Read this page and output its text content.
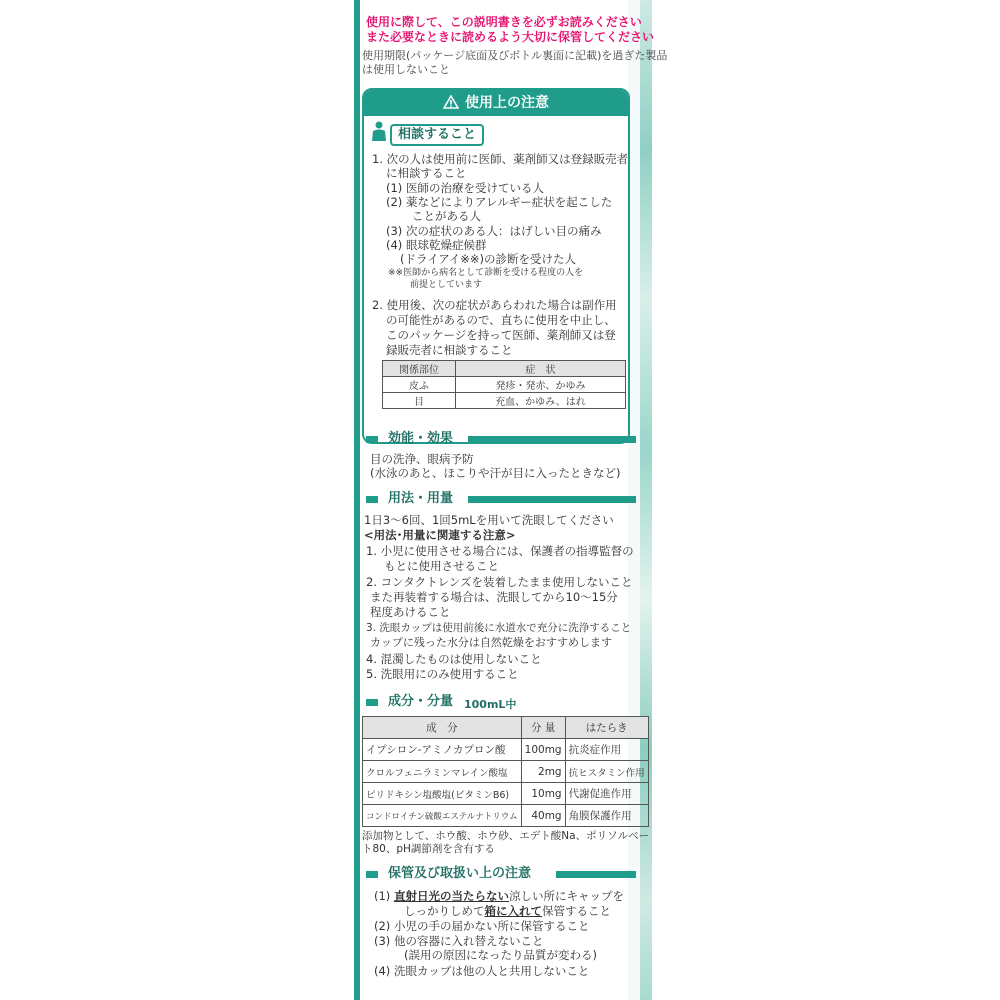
使用に際して、この説明書きを必ずお読みください
また必要なときに読めるよう大切に保管してください
使用期限(パッケージ底面及びボトル裏面に記載)を過ぎた製品
は使用しないこと
使用上の注意
相談すること
1. 次の人は使用前に医師、薬剤師又は登録販売者
に相談すること
(1) 医師の治療を受けている人
(2) 薬などによりアレルギー症状を起こした
ことがある人
(3) 次の症状のある人：はげしい目の痛み
(4) 眼球乾燥症候群
(ドライアイ※※)の診断を受けた人
※※医師から病名として診断を受ける程度の人を
前提としています
2. 使用後、次の症状があらわれた場合は副作用
の可能性があるので、直ちに使用を中止し、
このパッケージを持って医師、薬剤師又は登
録販売者に相談すること
関係部位	症　状
皮ふ	発疹・発赤、かゆみ
目	充血、かゆみ、はれ
効能・効果
目の洗浄、眼病予防
(水泳のあと、ほこりや汗が目に入ったときなど)
用法・用量
1日3～6回、1回5mLを用いて洗眼してください
<用法･用量に関連する注意>
1. 小児に使用させる場合には、保護者の指導監督の
もとに使用させること
2. コンタクトレンズを装着したまま使用しないこと
また再装着する場合は、洗眼してから10～15分
程度あけること
3. 洗眼カップは使用前後に水道水で充分に洗浄すること
カップに残った水分は自然乾燥をおすすめします
4. 混濁したものは使用しないこと
5. 洗眼用にのみ使用すること
成分・分量 100mL中
成　分	分 量	はたらき
イプシロン-アミノカプロン酸	100mg	抗炎症作用
クロルフェニラミンマレイン酸塩	2mg	抗ヒスタミン作用
ピリドキシン塩酸塩(ビタミンB6)	10mg	代謝促進作用
コンドロイチン硫酸エステルナトリウム	40mg	角膜保護作用
添加物として、ホウ酸、ホウ砂、エデト酸Na、ポリソルベー
ト80、pH調節剤を含有する
保管及び取扱い上の注意
(1) 直射日光の当たらない涼しい所にキャップを
しっかりしめて箱に入れて保管すること
(2) 小児の手の届かない所に保管すること
(3) 他の容器に入れ替えないこと
(誤用の原因になったり品質が変わる)
(4) 洗眼カップは他の人と共用しないこと
